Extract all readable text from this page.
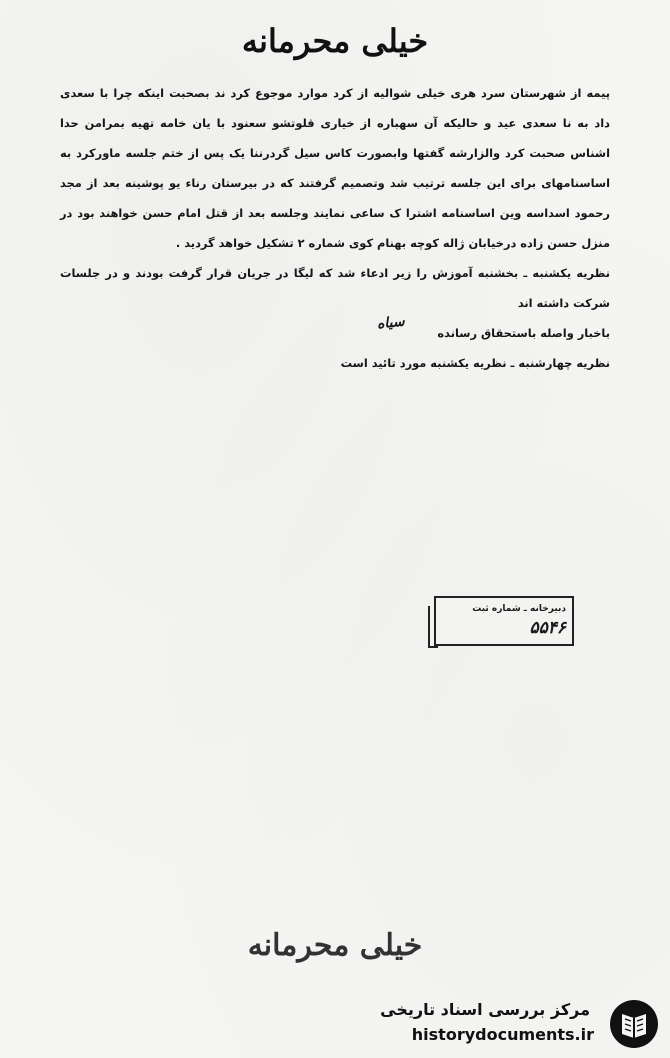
خیلی محرمانه

پیمه از شهرستان سرد هری خیلی شوالیه از کرد موارد موجوع کرد ند بصحبت اینکه چرا با سعدی داد به نا سعدی عید و حالیکه آن سهباره از خیاری قلوتشو سعنود با یان خامه تهیه بمرامن حدا اشناس صحبت کرد والزارشه گفتها وابصورت کاس سیل گردرننا یک پس از ختم جلسه ماورکرد به اساسنامهای برای این جلسه ترتیب شد وتصمیم گرفتند که در بیرستان رناء یو پوشینه بعد از مجد رحمود اسداسه وین اساسنامه اشترا ک ساعی نمایند وجلسه بعد از قتل امام حسن خواهند بود در منزل حسن زاده درخیابان ژاله کوچه بهنام کوی شماره ۲ تشکیل خواهد گردید .

نظریه یکشنبه ـ بخشنبه آموزش را زیر ادعاء شد که لیگا در جریان قرار گرفت بودند و در جلسات شرکت داشته اند

باخبار واصله باستحقاق رسانده
سیاه

نظریه چهارشنبه ـ نظریه یکشنبه مورد تائید است

دبیرخانه ـ شماره ثبت
۵۵۴۶
خیلی محرمانه
مرکز بررسی اسناد تاریخی
historydocuments.ir
